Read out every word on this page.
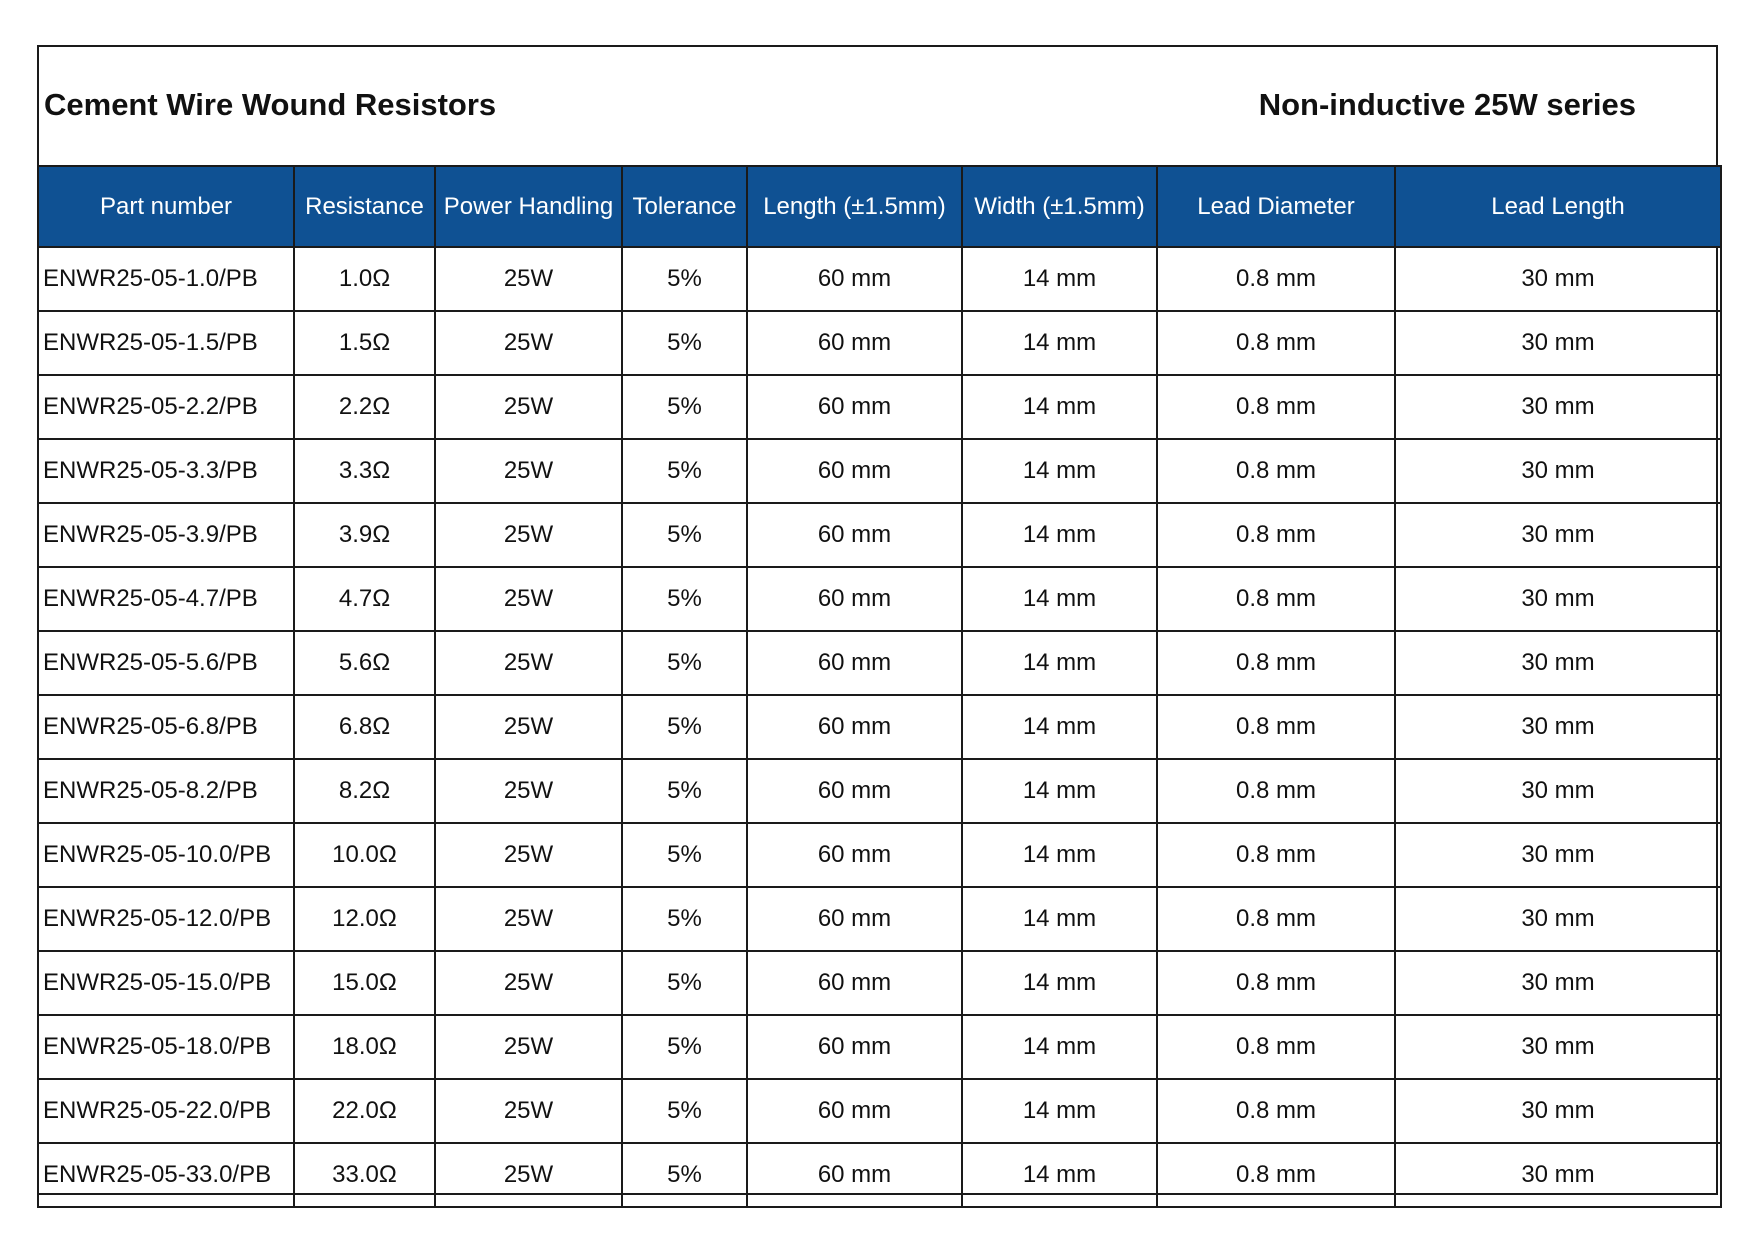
Cement Wire Wound Resistors	Non-inductive 25W series
Part number	Resistance	Power Handling	Tolerance	Length (±1.5mm)	Width (±1.5mm)	Lead Diameter	Lead Length
ENWR25-05-1.0/PB	1.0Ω	25W	5%	60 mm	14 mm	0.8 mm	30 mm
ENWR25-05-1.5/PB	1.5Ω	25W	5%	60 mm	14 mm	0.8 mm	30 mm
ENWR25-05-2.2/PB	2.2Ω	25W	5%	60 mm	14 mm	0.8 mm	30 mm
ENWR25-05-3.3/PB	3.3Ω	25W	5%	60 mm	14 mm	0.8 mm	30 mm
ENWR25-05-3.9/PB	3.9Ω	25W	5%	60 mm	14 mm	0.8 mm	30 mm
ENWR25-05-4.7/PB	4.7Ω	25W	5%	60 mm	14 mm	0.8 mm	30 mm
ENWR25-05-5.6/PB	5.6Ω	25W	5%	60 mm	14 mm	0.8 mm	30 mm
ENWR25-05-6.8/PB	6.8Ω	25W	5%	60 mm	14 mm	0.8 mm	30 mm
ENWR25-05-8.2/PB	8.2Ω	25W	5%	60 mm	14 mm	0.8 mm	30 mm
ENWR25-05-10.0/PB	10.0Ω	25W	5%	60 mm	14 mm	0.8 mm	30 mm
ENWR25-05-12.0/PB	12.0Ω	25W	5%	60 mm	14 mm	0.8 mm	30 mm
ENWR25-05-15.0/PB	15.0Ω	25W	5%	60 mm	14 mm	0.8 mm	30 mm
ENWR25-05-18.0/PB	18.0Ω	25W	5%	60 mm	14 mm	0.8 mm	30 mm
ENWR25-05-22.0/PB	22.0Ω	25W	5%	60 mm	14 mm	0.8 mm	30 mm
ENWR25-05-33.0/PB	33.0Ω	25W	5%	60 mm	14 mm	0.8 mm	30 mm
